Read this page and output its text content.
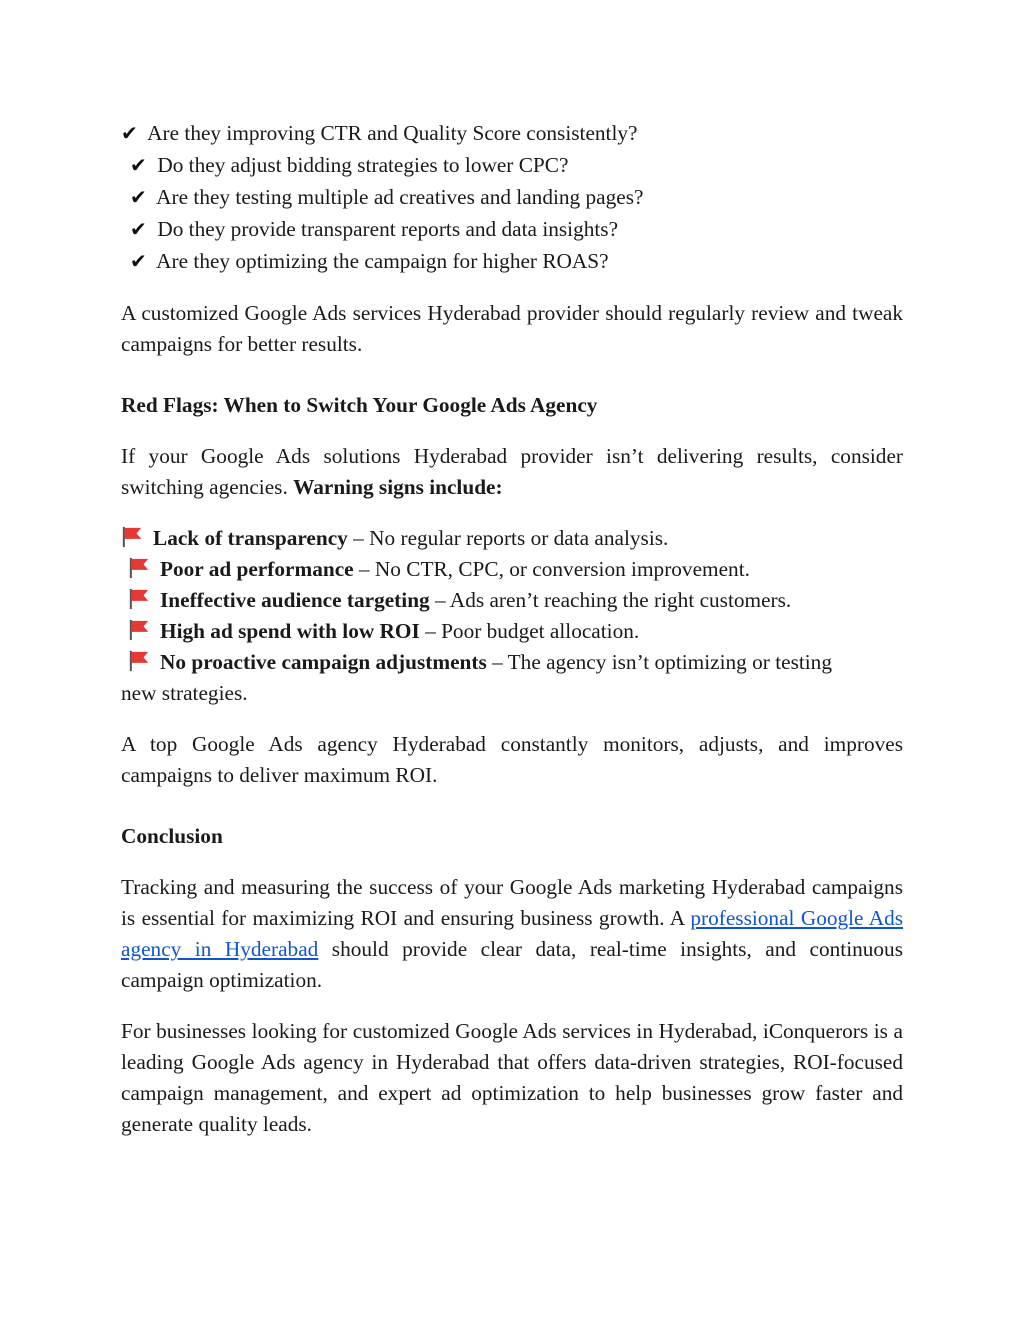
✔ Are they improving CTR and Quality Score consistently?
✔ Do they adjust bidding strategies to lower CPC?
✔ Are they testing multiple ad creatives and landing pages?
✔ Do they provide transparent reports and data insights?
✔ Are they optimizing the campaign for higher ROAS?

A customized Google Ads services Hyderabad provider should regularly review and tweak campaigns for better results.

Red Flags: When to Switch Your Google Ads Agency

If your Google Ads solutions Hyderabad provider isn’t delivering results, consider switching agencies. Warning signs include:

Lack of transparency – No regular reports or data analysis.
Poor ad performance – No CTR, CPC, or conversion improvement.
Ineffective audience targeting – Ads aren’t reaching the right customers.
High ad spend with low ROI – Poor budget allocation.
No proactive campaign adjustments – The agency isn’t optimizing or testing
new strategies.

A top Google Ads agency Hyderabad constantly monitors, adjusts, and improves campaigns to deliver maximum ROI.

Conclusion

Tracking and measuring the success of your Google Ads marketing Hyderabad campaigns is essential for maximizing ROI and ensuring business growth. A professional Google Ads agency in Hyderabad should provide clear data, real-time insights, and continuous campaign optimization.

For businesses looking for customized Google Ads services in Hyderabad, iConquerors is a leading Google Ads agency in Hyderabad that offers data-driven strategies, ROI-focused campaign management, and expert ad optimization to help businesses grow faster and generate quality leads.
